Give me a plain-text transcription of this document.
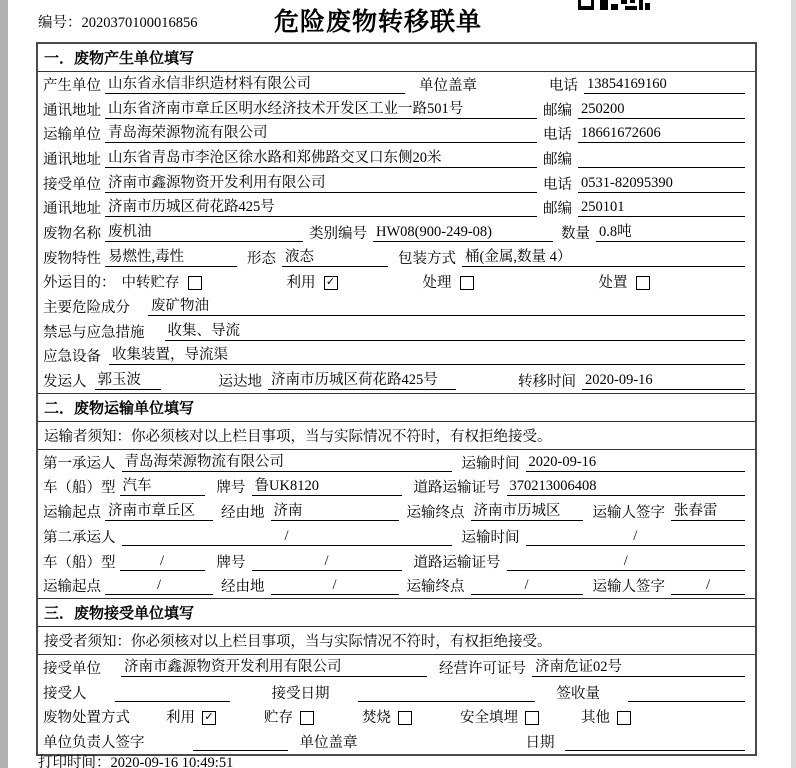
编号：2020370100016856	危险废物转移联单
一．废物产生单位填写
产生单位 山东省永信非织造材料有限公司	单位盖章	电话 13854169160
通讯地址 山东省济南市章丘区明水经济技术开发区工业一路501号	邮编 250200
运输单位 青岛海荣源物流有限公司	电话 18661672606
通讯地址 山东省青岛市李沧区徐水路和郑佛路交叉口东侧20米	邮编
接受单位 济南市鑫源物资开发利用有限公司	电话 0531-82095390
通讯地址 济南市历城区荷花路425号	邮编 250101
废物名称 废机油	类别编号 HW08(900-249-08)	数量 0.8吨
废物特性 易燃性,毒性	形态 液态	包装方式 桶(金属,数量 4）
外运目的： 中转贮存	利用 ✓	处理	处置
主要危险成分 废矿物油
禁忌与应急措施 收集、导流
应急设备 收集装置，导流渠
发运人 郭玉波	运达地 济南市历城区荷花路425号	转移时间 2020-09-16
二．废物运输单位填写
运输者须知：你必须核对以上栏目事项，当与实际情况不符时，有权拒绝接受。
第一承运人 青岛海荣源物流有限公司	运输时间 2020-09-16
车（船）型 汽车	牌号 鲁UK8120	道路运输证号 370213006408
运输起点 济南市章丘区	经由地 济南	运输终点 济南市历城区	运输人签字 张春雷
第二承运人	/	运输时间	/
车（船）型	/	牌号	/	道路运输证号	/
运输起点	/	经由地	/	运输终点	/	运输人签字	/
三．废物接受单位填写
接受者须知：你必须核对以上栏目事项，当与实际情况不符时，有权拒绝接受。
接受单位 济南市鑫源物资开发利用有限公司	经营许可证号 济南危证02号
接受人	接受日期	签收量
废物处置方式 利用 ✓	贮存	焚烧	安全填埋	其他
单位负责人签字	单位盖章	日期
打印时间：2020-09-16 10:49:51
